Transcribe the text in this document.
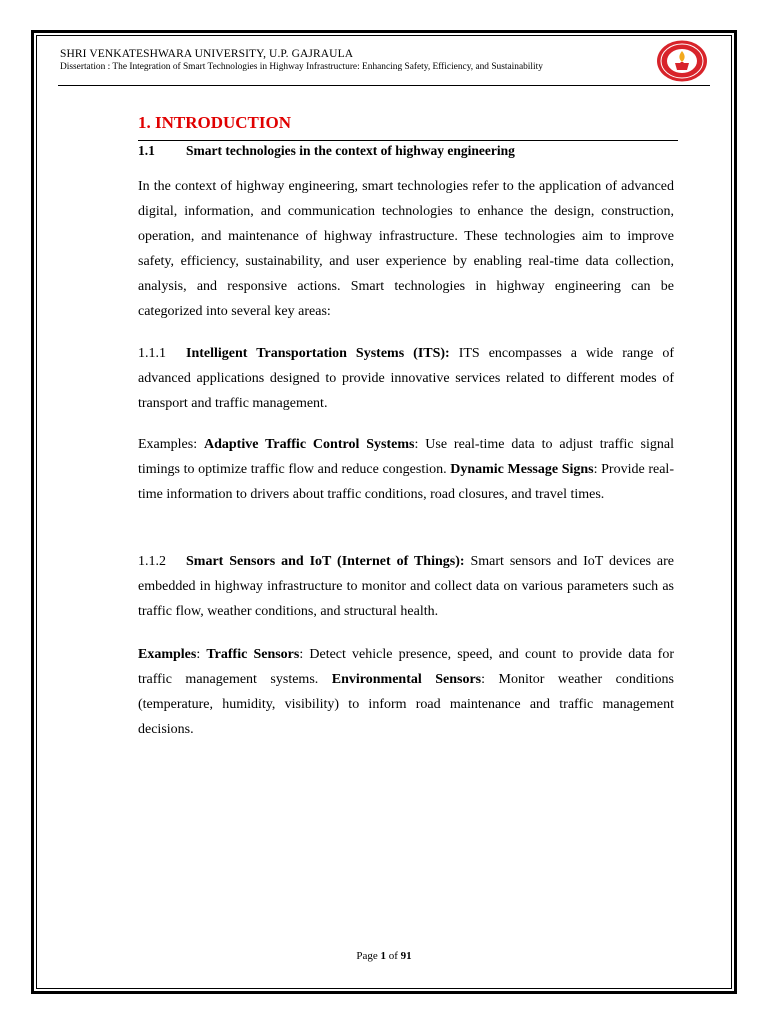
SHRI VENKATESHWARA UNIVERSITY, U.P. GAJRAULA
Dissertation : The Integration of Smart Technologies in Highway Infrastructure: Enhancing Safety, Efficiency, and Sustainability
1. INTRODUCTION
1.1 Smart technologies in the context of highway engineering

In the context of highway engineering, smart technologies refer to the application of advanced digital, information, and communication technologies to enhance the design, construction, operation, and maintenance of highway infrastructure. These technologies aim to improve safety, efficiency, sustainability, and user experience by enabling real-time data collection, analysis, and responsive actions. Smart technologies in highway engineering can be categorized into several key areas:

1.1.1 Intelligent Transportation Systems (ITS): ITS encompasses a wide range of advanced applications designed to provide innovative services related to different modes of transport and traffic management.

Examples: Adaptive Traffic Control Systems: Use real-time data to adjust traffic signal timings to optimize traffic flow and reduce congestion. Dynamic Message Signs: Provide real-time information to drivers about traffic conditions, road closures, and travel times.

1.1.2 Smart Sensors and IoT (Internet of Things): Smart sensors and IoT devices are embedded in highway infrastructure to monitor and collect data on various parameters such as traffic flow, weather conditions, and structural health.

Examples: Traffic Sensors: Detect vehicle presence, speed, and count to provide data for traffic management systems. Environmental Sensors: Monitor weather conditions (temperature, humidity, visibility) to inform road maintenance and traffic management decisions.

Page 1 of 91
